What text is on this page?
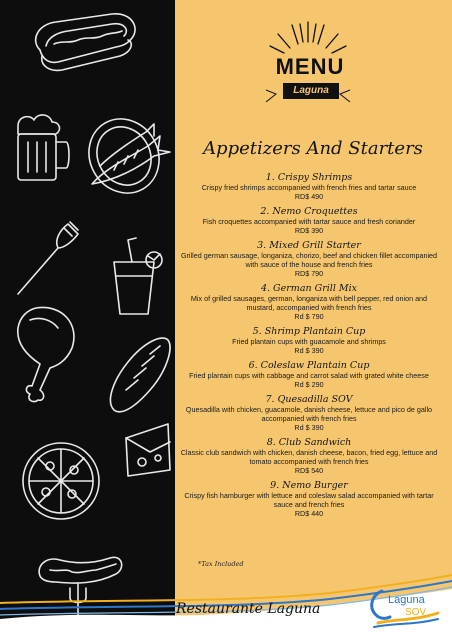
MENU
Laguna
Appetizers And Starters
1. Crispy Shrimps
Crispy fried shrimps accompanied with french fries and tartar sauce
RD$ 490
2. Nemo Croquettes
Fish croquettes accompanied with tartar sauce and fresh coriander
RD$ 390
3. Mixed Grill Starter
Grilled german sausage, longaniza, chorizo, beef and chicken fillet accompanied with sauce of the house and french fries
RD$ 790
4. German Grill Mix
Mix of grilled sausages, german, longaniza with bell pepper, red onion and mustard, accompanied with french fries
Rd $ 790
5. Shrimp Plantain Cup
Fried plantain cups with guacamole and shrimps
Rd $ 390
6. Coleslaw Plantain Cup
Fried plantain cups with cabbage and carrot salad with grated white cheese
Rd $ 290
7. Quesadilla SOV
Quesadilla with chicken, guacamole, danish cheese, lettuce and pico de gallo accompanied with french fries
Rd $ 390
8. Club Sandwich
Classic club sandwich with chicken, danish cheese, bacon, fried egg, lettuce and tomato accompanied with french fries
RD$ 540
9. Nemo Burger
Crispy fish hamburger with lettuce and coleslaw salad accompanied with tartar sauce and french fries
RD$ 440
*Tax Included
Restaurante Laguna
Laguna
SOV
